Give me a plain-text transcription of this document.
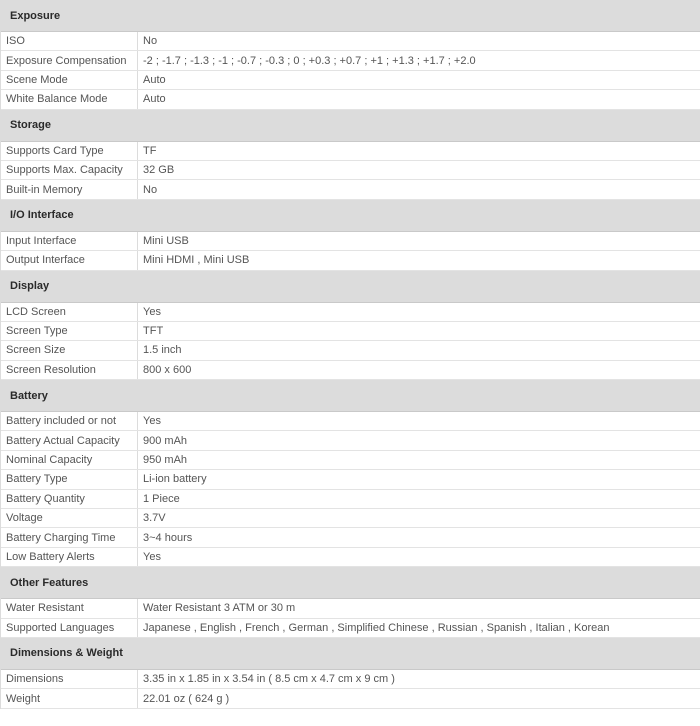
Exposure
ISO	No
Exposure Compensation	-2 ; -1.7 ; -1.3 ; -1 ; -0.7 ; -0.3 ; 0 ; +0.3 ; +0.7 ; +1 ; +1.3 ; +1.7 ; +2.0
Scene Mode	Auto
White Balance Mode	Auto
Storage
Supports Card Type	TF
Supports Max. Capacity	32 GB
Built-in Memory	No
I/O Interface
Input Interface	Mini USB
Output Interface	Mini HDMI , Mini USB
Display
LCD Screen	Yes
Screen Type	TFT
Screen Size	1.5 inch
Screen Resolution	800 x 600
Battery
Battery included or not	Yes
Battery Actual Capacity	900 mAh
Nominal Capacity	950 mAh
Battery Type	Li-ion battery
Battery Quantity	1 Piece
Voltage	3.7V
Battery Charging Time	3~4 hours
Low Battery Alerts	Yes
Other Features
Water Resistant	Water Resistant 3 ATM or 30 m
Supported Languages	Japanese , English , French , German , Simplified Chinese , Russian , Spanish , Italian , Korean
Dimensions & Weight
Dimensions	3.35 in x 1.85 in x 3.54 in ( 8.5 cm x 4.7 cm x 9 cm )
Weight	22.01 oz ( 624 g )
